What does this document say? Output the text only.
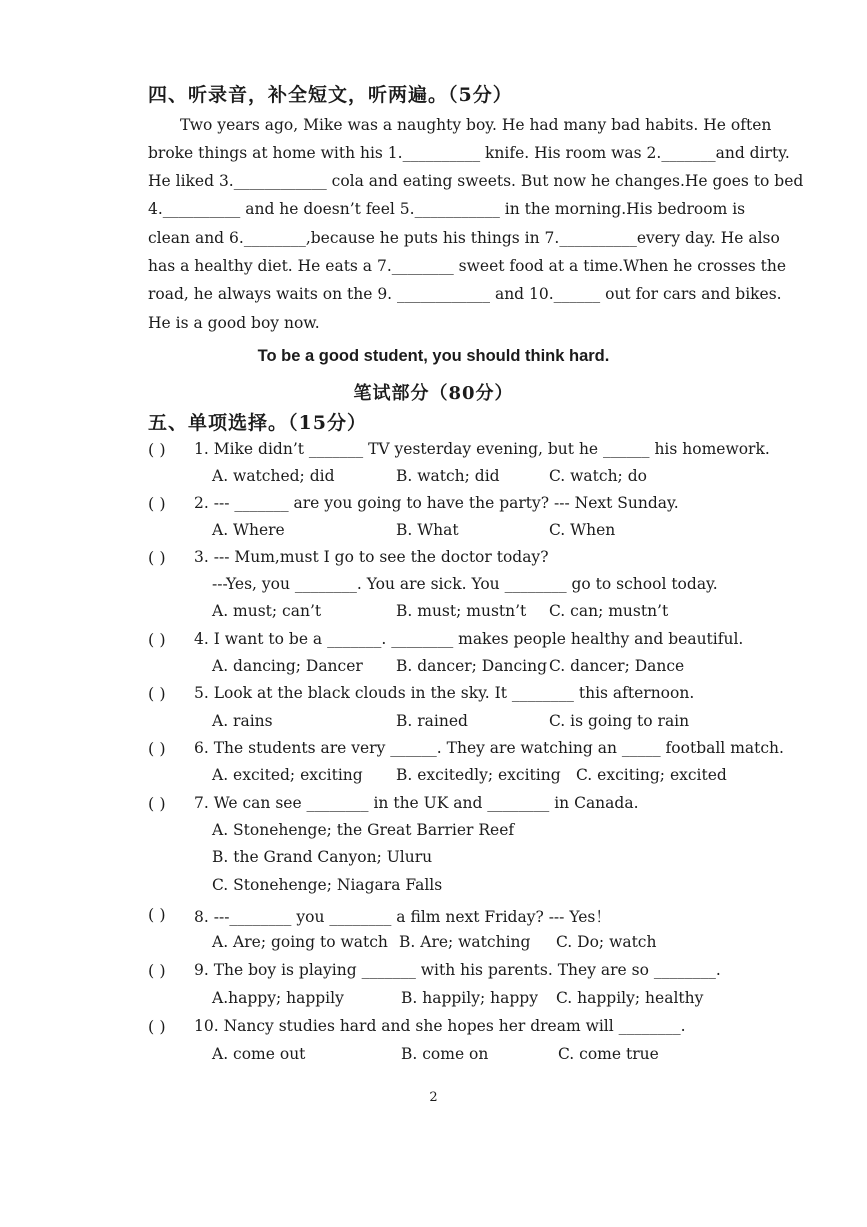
四、听录音，补全短文，听两遍。（5分）
Two years ago, Mike was a naughty boy. He had many bad habits. He often
broke things at home with his 1.__________ knife. His room was 2._______and dirty.
He liked 3.____________ cola and eating sweets. But now he changes.He goes to bed
4.__________ and he doesn’t feel 5.___________ in the morning.His bedroom is
clean and 6.________,because he puts his things in 7.__________every day. He also
has a healthy diet. He eats a 7.________ sweet food at a time.When he crosses the
road, he always waits on the 9. ____________ and 10.______ out for cars and bikes.
He is a good boy now.
To be a good student, you should think hard.
笔试部分（80分）
五、单项选择。（15分）
( ) 1. Mike didn’t _______ TV yesterday evening, but he ______ his homework.
A. watched; did	B. watch; did	C. watch; do
( ) 2. --- _______ are you going to have the party? --- Next Sunday.
A. Where	B. What	C. When
( ) 3. --- Mum,must I go to see the doctor today?
---Yes, you ________. You are sick. You ________ go to school today.
A. must; can’t	B. must; mustn’t C. can; mustn’t
( ) 4. I want to be a _______. ________ makes people healthy and beautiful.
A. dancing; Dancer B. dancer; Dancing C. dancer; Dance
( ) 5. Look at the black clouds in the sky. It ________ this afternoon.
A. rains	B. rained	C. is going to rain
( ) 6. The students are very ______. They are watching an _____ football match.
A. excited; exciting B. excitedly; exciting C. exciting; excited
( ) 7. We can see ________ in the UK and ________ in Canada.
A. Stonehenge; the Great Barrier Reef
B. the Grand Canyon; Uluru
C. Stonehenge; Niagara Falls
( ) 8. ---________ you ________ a film next Friday? --- Yes！
A. Are; going to watch B. Are; watching C. Do; watch
( ) 9. The boy is playing _______ with his parents. They are so ________.
A.happy; happily	B. happily; happy C. happily; healthy
( ) 10. Nancy studies hard and she hopes her dream will ________.
A. come out	B. come on	C. come true
2
